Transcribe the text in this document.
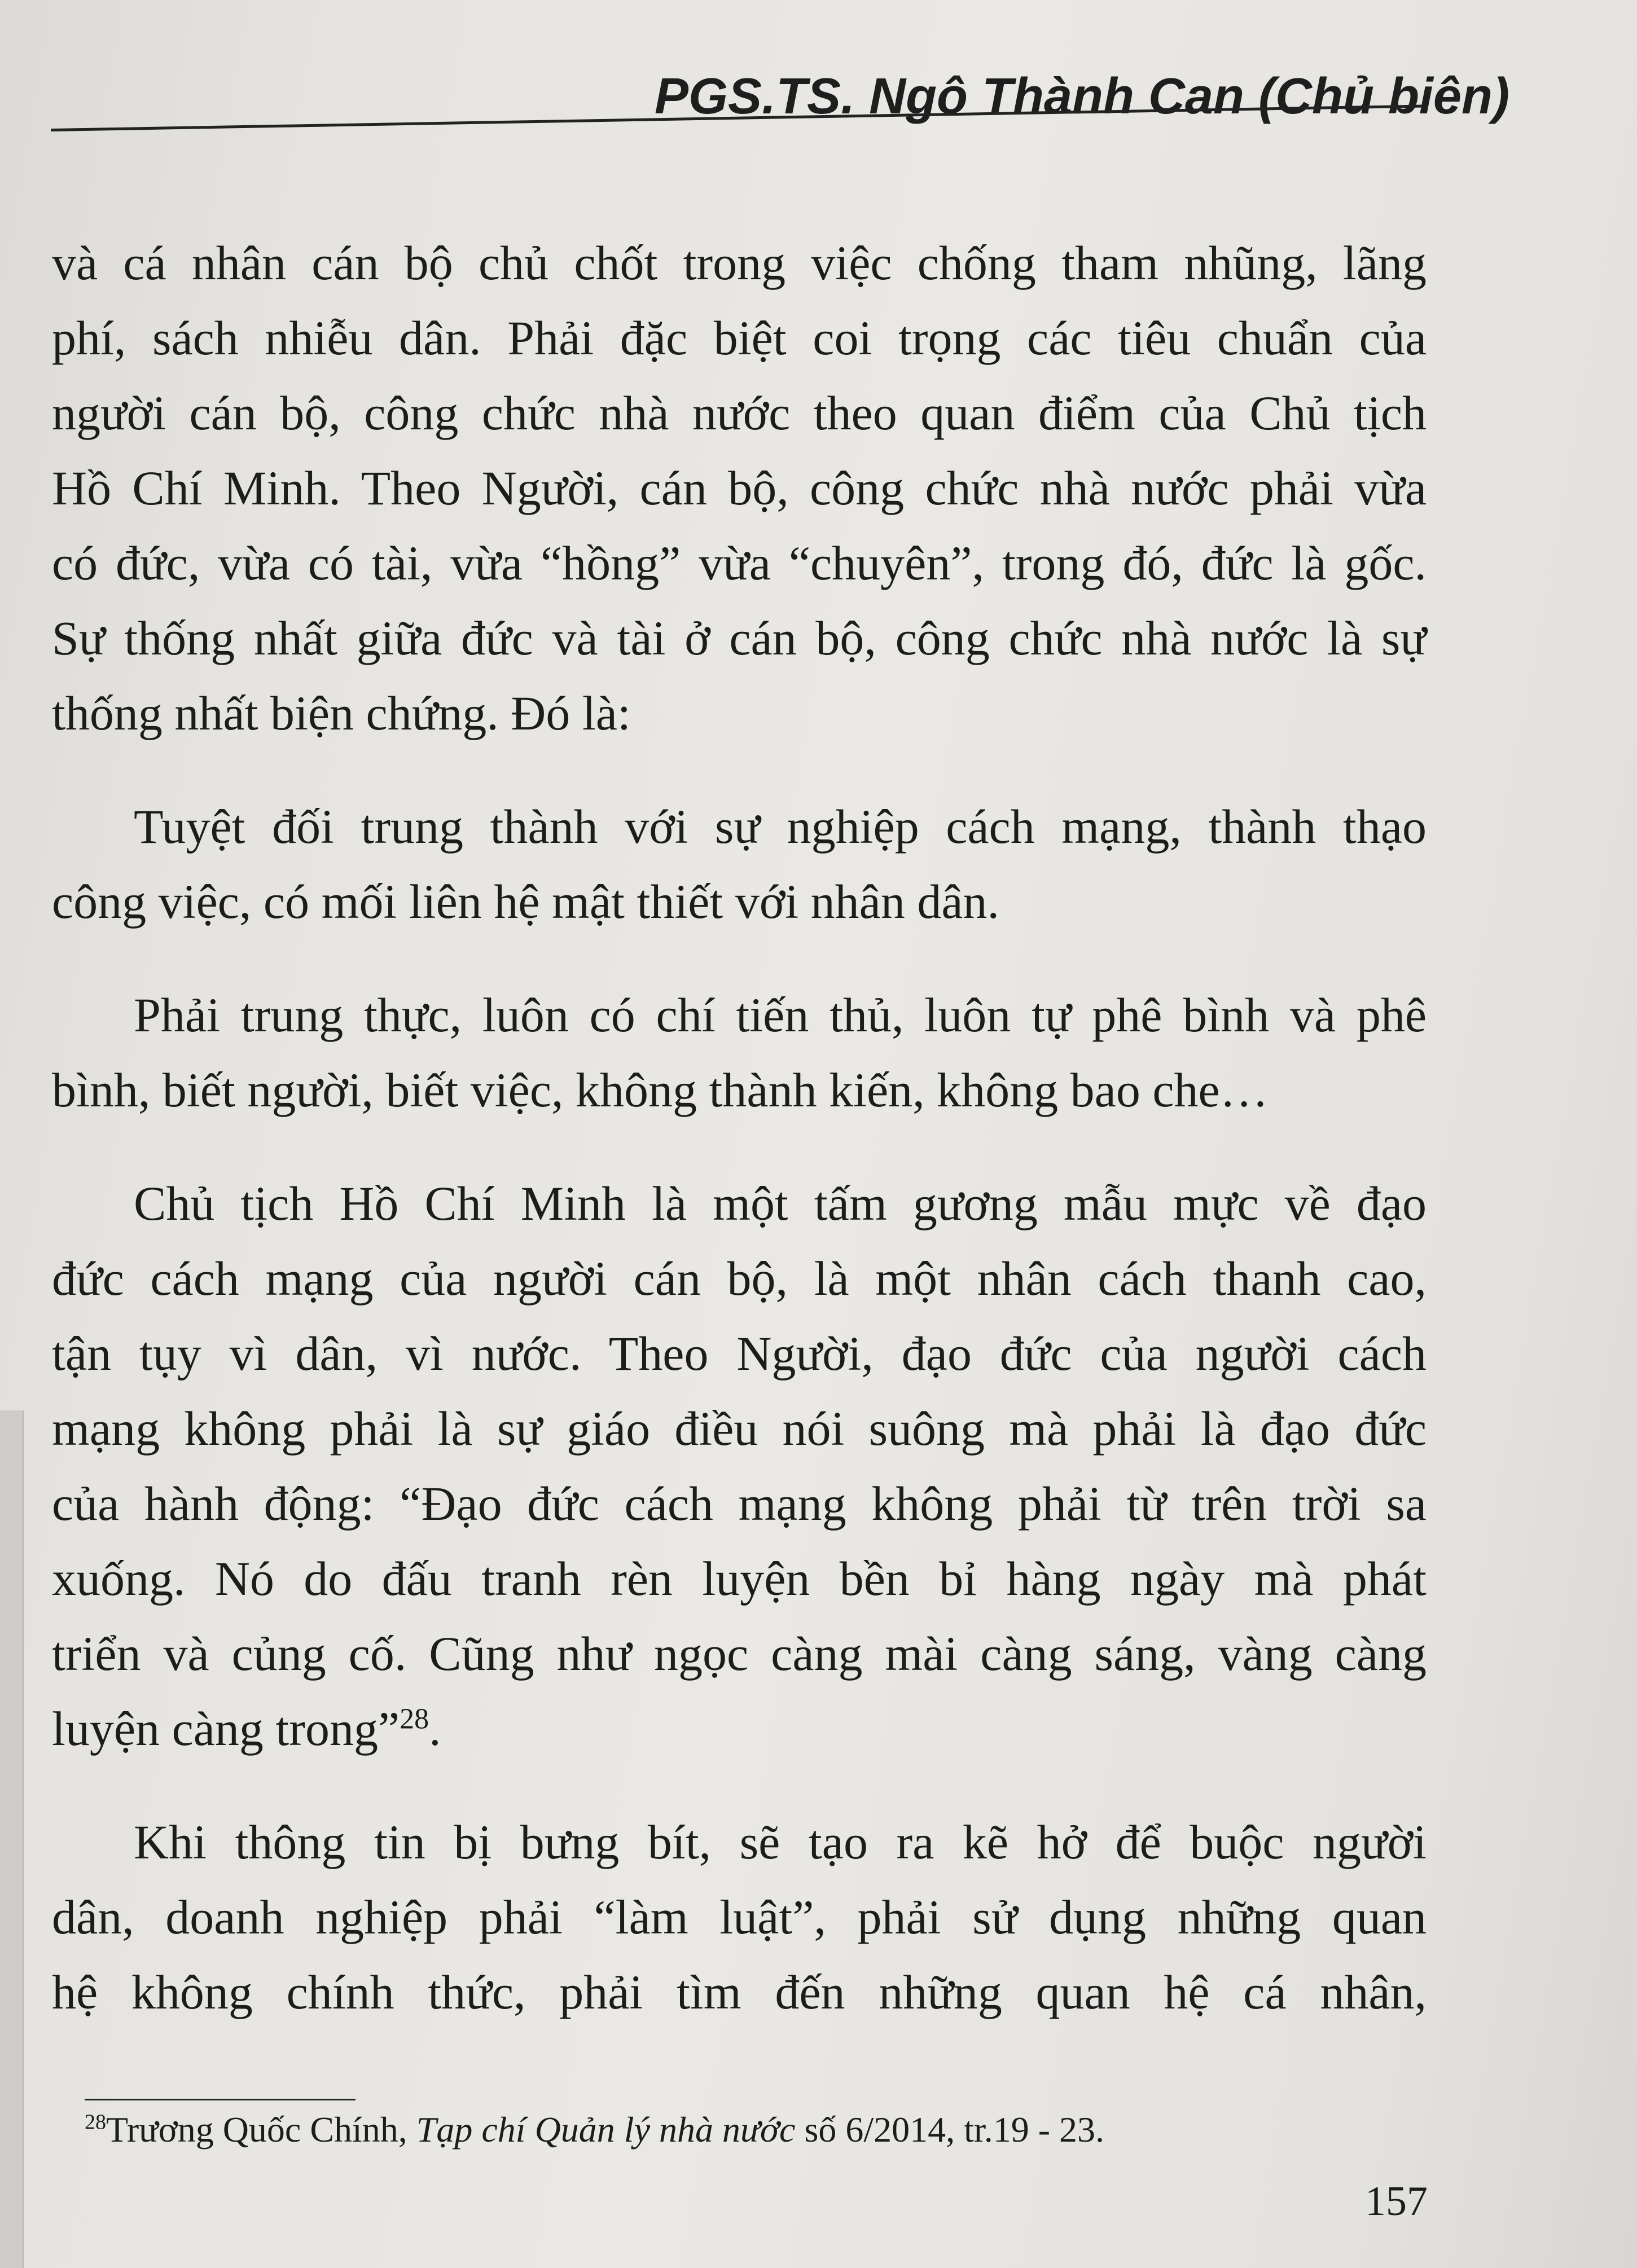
PGS.TS. Ngô Thành Can (Chủ biên)
và cá nhân cán bộ chủ chốt trong việc chống tham nhũng, lãng
phí, sách nhiễu dân. Phải đặc biệt coi trọng các tiêu chuẩn của
người cán bộ, công chức nhà nước theo quan điểm của Chủ tịch
Hồ Chí Minh. Theo Người, cán bộ, công chức nhà nước phải vừa
có đức, vừa có tài, vừa “hồng” vừa “chuyên”, trong đó, đức là gốc.
Sự thống nhất giữa đức và tài ở cán bộ, công chức nhà nước là sự
thống nhất biện chứng. Đó là:
Tuyệt đối trung thành với sự nghiệp cách mạng, thành thạo
công việc, có mối liên hệ mật thiết với nhân dân.
Phải trung thực, luôn có chí tiến thủ, luôn tự phê bình và phê
bình, biết người, biết việc, không thành kiến, không bao che…
Chủ tịch Hồ Chí Minh là một tấm gương mẫu mực về đạo
đức cách mạng của người cán bộ, là một nhân cách thanh cao,
tận tụy vì dân, vì nước. Theo Người, đạo đức của người cách
mạng không phải là sự giáo điều nói suông mà phải là đạo đức
của hành động: “Đạo đức cách mạng không phải từ trên trời sa
xuống. Nó do đấu tranh rèn luyện bền bỉ hàng ngày mà phát
triển và củng cố. Cũng như ngọc càng mài càng sáng, vàng càng
luyện càng trong”$^{28}$.
Khi thông tin bị bưng bít, sẽ tạo ra kẽ hở để buộc người
dân, doanh nghiệp phải “làm luật”, phải sử dụng những quan
hệ không chính thức, phải tìm đến những quan hệ cá nhân,
$^{28}$Trương Quốc Chính, Tạp chí Quản lý nhà nước số 6/2014, tr.19 - 23.
157
